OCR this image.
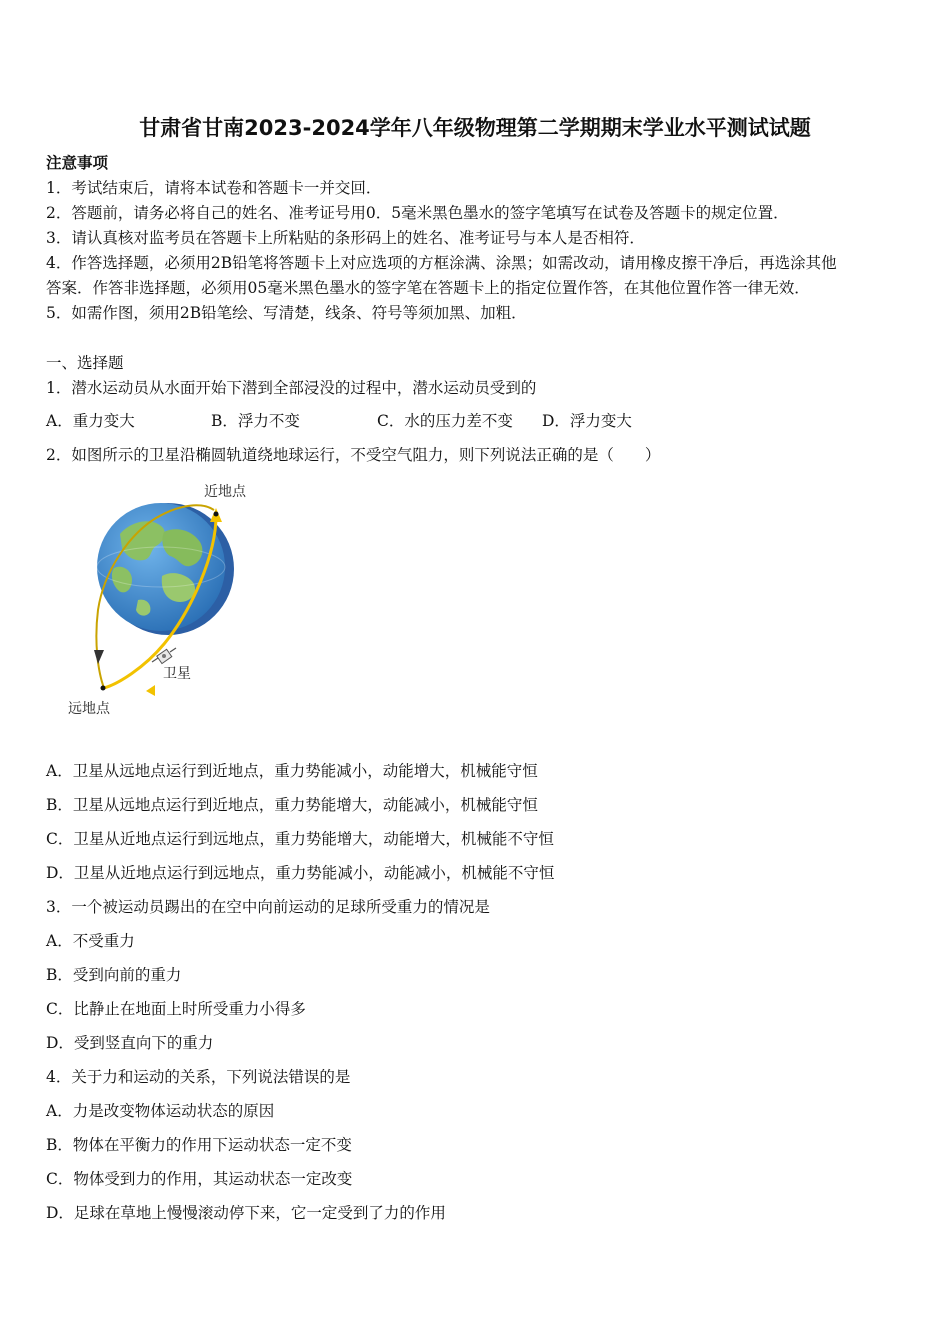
甘肃省甘南2023-2024学年八年级物理第二学期期末学业水平测试试题
注意事项
1．考试结束后，请将本试卷和答题卡一并交回．
2．答题前，请务必将自己的姓名、准考证号用0．5毫米黑色墨水的签字笔填写在试卷及答题卡的规定位置．
3．请认真核对监考员在答题卡上所粘贴的条形码上的姓名、准考证号与本人是否相符．
4．作答选择题，必须用2B铅笔将答题卡上对应选项的方框涂满、涂黑；如需改动，请用橡皮擦干净后，再选涂其他
答案．作答非选择题，必须用05毫米黑色墨水的签字笔在答题卡上的指定位置作答，在其他位置作答一律无效．
5．如需作图，须用2B铅笔绘、写清楚，线条、符号等须加黑、加粗．
一、选择题
1．潜水运动员从水面开始下潜到全部浸没的过程中，潜水运动员受到的
A．重力变大	B．浮力不变	C．水的压力差不变 D．浮力变大
2．如图所示的卫星沿椭圆轨道绕地球运行，不受空气阻力，则下列说法正确的是（　　）
近地点
卫星
远地点
A．卫星从远地点运行到近地点，重力势能减小，动能增大，机械能守恒
B．卫星从远地点运行到近地点，重力势能增大，动能减小，机械能守恒
C．卫星从近地点运行到远地点，重力势能增大，动能增大，机械能不守恒
D．卫星从近地点运行到远地点，重力势能减小，动能减小，机械能不守恒
3．一个被运动员踢出的在空中向前运动的足球所受重力的情况是
A．不受重力
B．受到向前的重力
C．比静止在地面上时所受重力小得多
D．受到竖直向下的重力
4．关于力和运动的关系，下列说法错误的是
A．力是改变物体运动状态的原因
B．物体在平衡力的作用下运动状态一定不变
C．物体受到力的作用，其运动状态一定改变
D．足球在草地上慢慢滚动停下来，它一定受到了力的作用
